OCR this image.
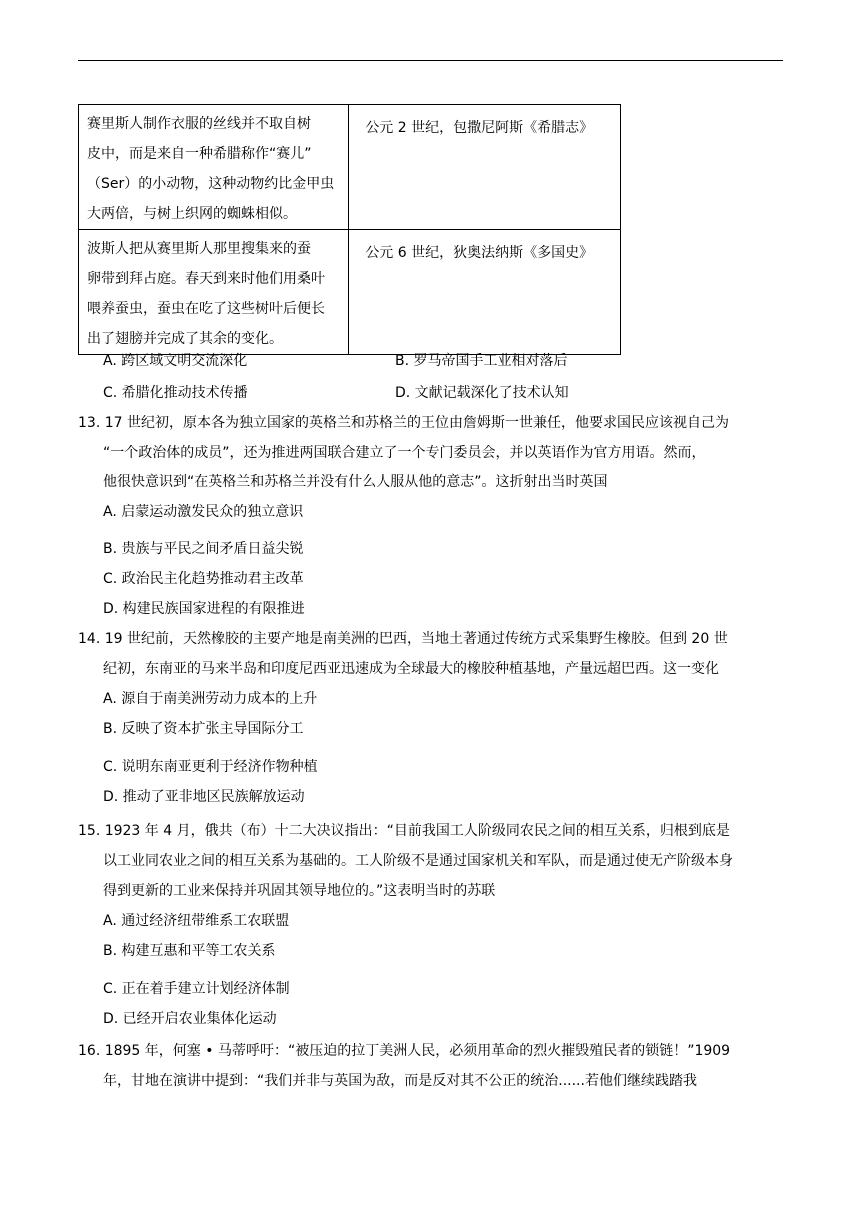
赛里斯人制作衣服的丝线并不取自树
皮中，而是来自一种希腊称作“赛儿”
（Ser）的小动物，这种动物约比金甲虫
大两倍，与树上织网的蜘蛛相似。	公元 2 世纪，包撒尼阿斯《希腊志》

波斯人把从赛里斯人那里搜集来的蚕
卵带到拜占庭。春天到来时他们用桑叶
喂养蚕虫，蚕虫在吃了这些树叶后便长
出了翅膀并完成了其余的变化。	公元 6 世纪，狄奥法纳斯《多国史》
A. 跨区域文明交流深化	B. 罗马帝国手工业相对落后
C. 希腊化推动技术传播	D. 文献记载深化了技术认知
13. 17 世纪初，原本各为独立国家的英格兰和苏格兰的王位由詹姆斯一世兼任，他要求国民应该视自己为
“一个政治体的成员”，还为推进两国联合建立了一个专门委员会，并以英语作为官方用语。然而，
他很快意识到“在英格兰和苏格兰并没有什么人服从他的意志”。这折射出当时英国
A. 启蒙运动激发民众的独立意识
B. 贵族与平民之间矛盾日益尖锐
C. 政治民主化趋势推动君主改革
D. 构建民族国家进程的有限推进
14. 19 世纪前，天然橡胶的主要产地是南美洲的巴西，当地土著通过传统方式采集野生橡胶。但到 20 世
纪初，东南亚的马来半岛和印度尼西亚迅速成为全球最大的橡胶种植基地，产量远超巴西。这一变化
A. 源自于南美洲劳动力成本的上升
B. 反映了资本扩张主导国际分工
C. 说明东南亚更利于经济作物种植
D. 推动了亚非地区民族解放运动
15. 1923 年 4 月，俄共（布）十二大决议指出：“目前我国工人阶级同农民之间的相互关系，归根到底是
以工业同农业之间的相互关系为基础的。工人阶级不是通过国家机关和军队，而是通过使无产阶级本身
得到更新的工业来保持并巩固其领导地位的。”这表明当时的苏联
A. 通过经济纽带维系工农联盟
B. 构建互惠和平等工农关系
C. 正在着手建立计划经济体制
D. 已经开启农业集体化运动
16. 1895 年，何塞 • 马蒂呼吁：“被压迫的拉丁美洲人民，必须用革命的烈火摧毁殖民者的锁链！”1909
年，甘地在演讲中提到：“我们并非与英国为敌，而是反对其不公正的统治......若他们继续践踏我
